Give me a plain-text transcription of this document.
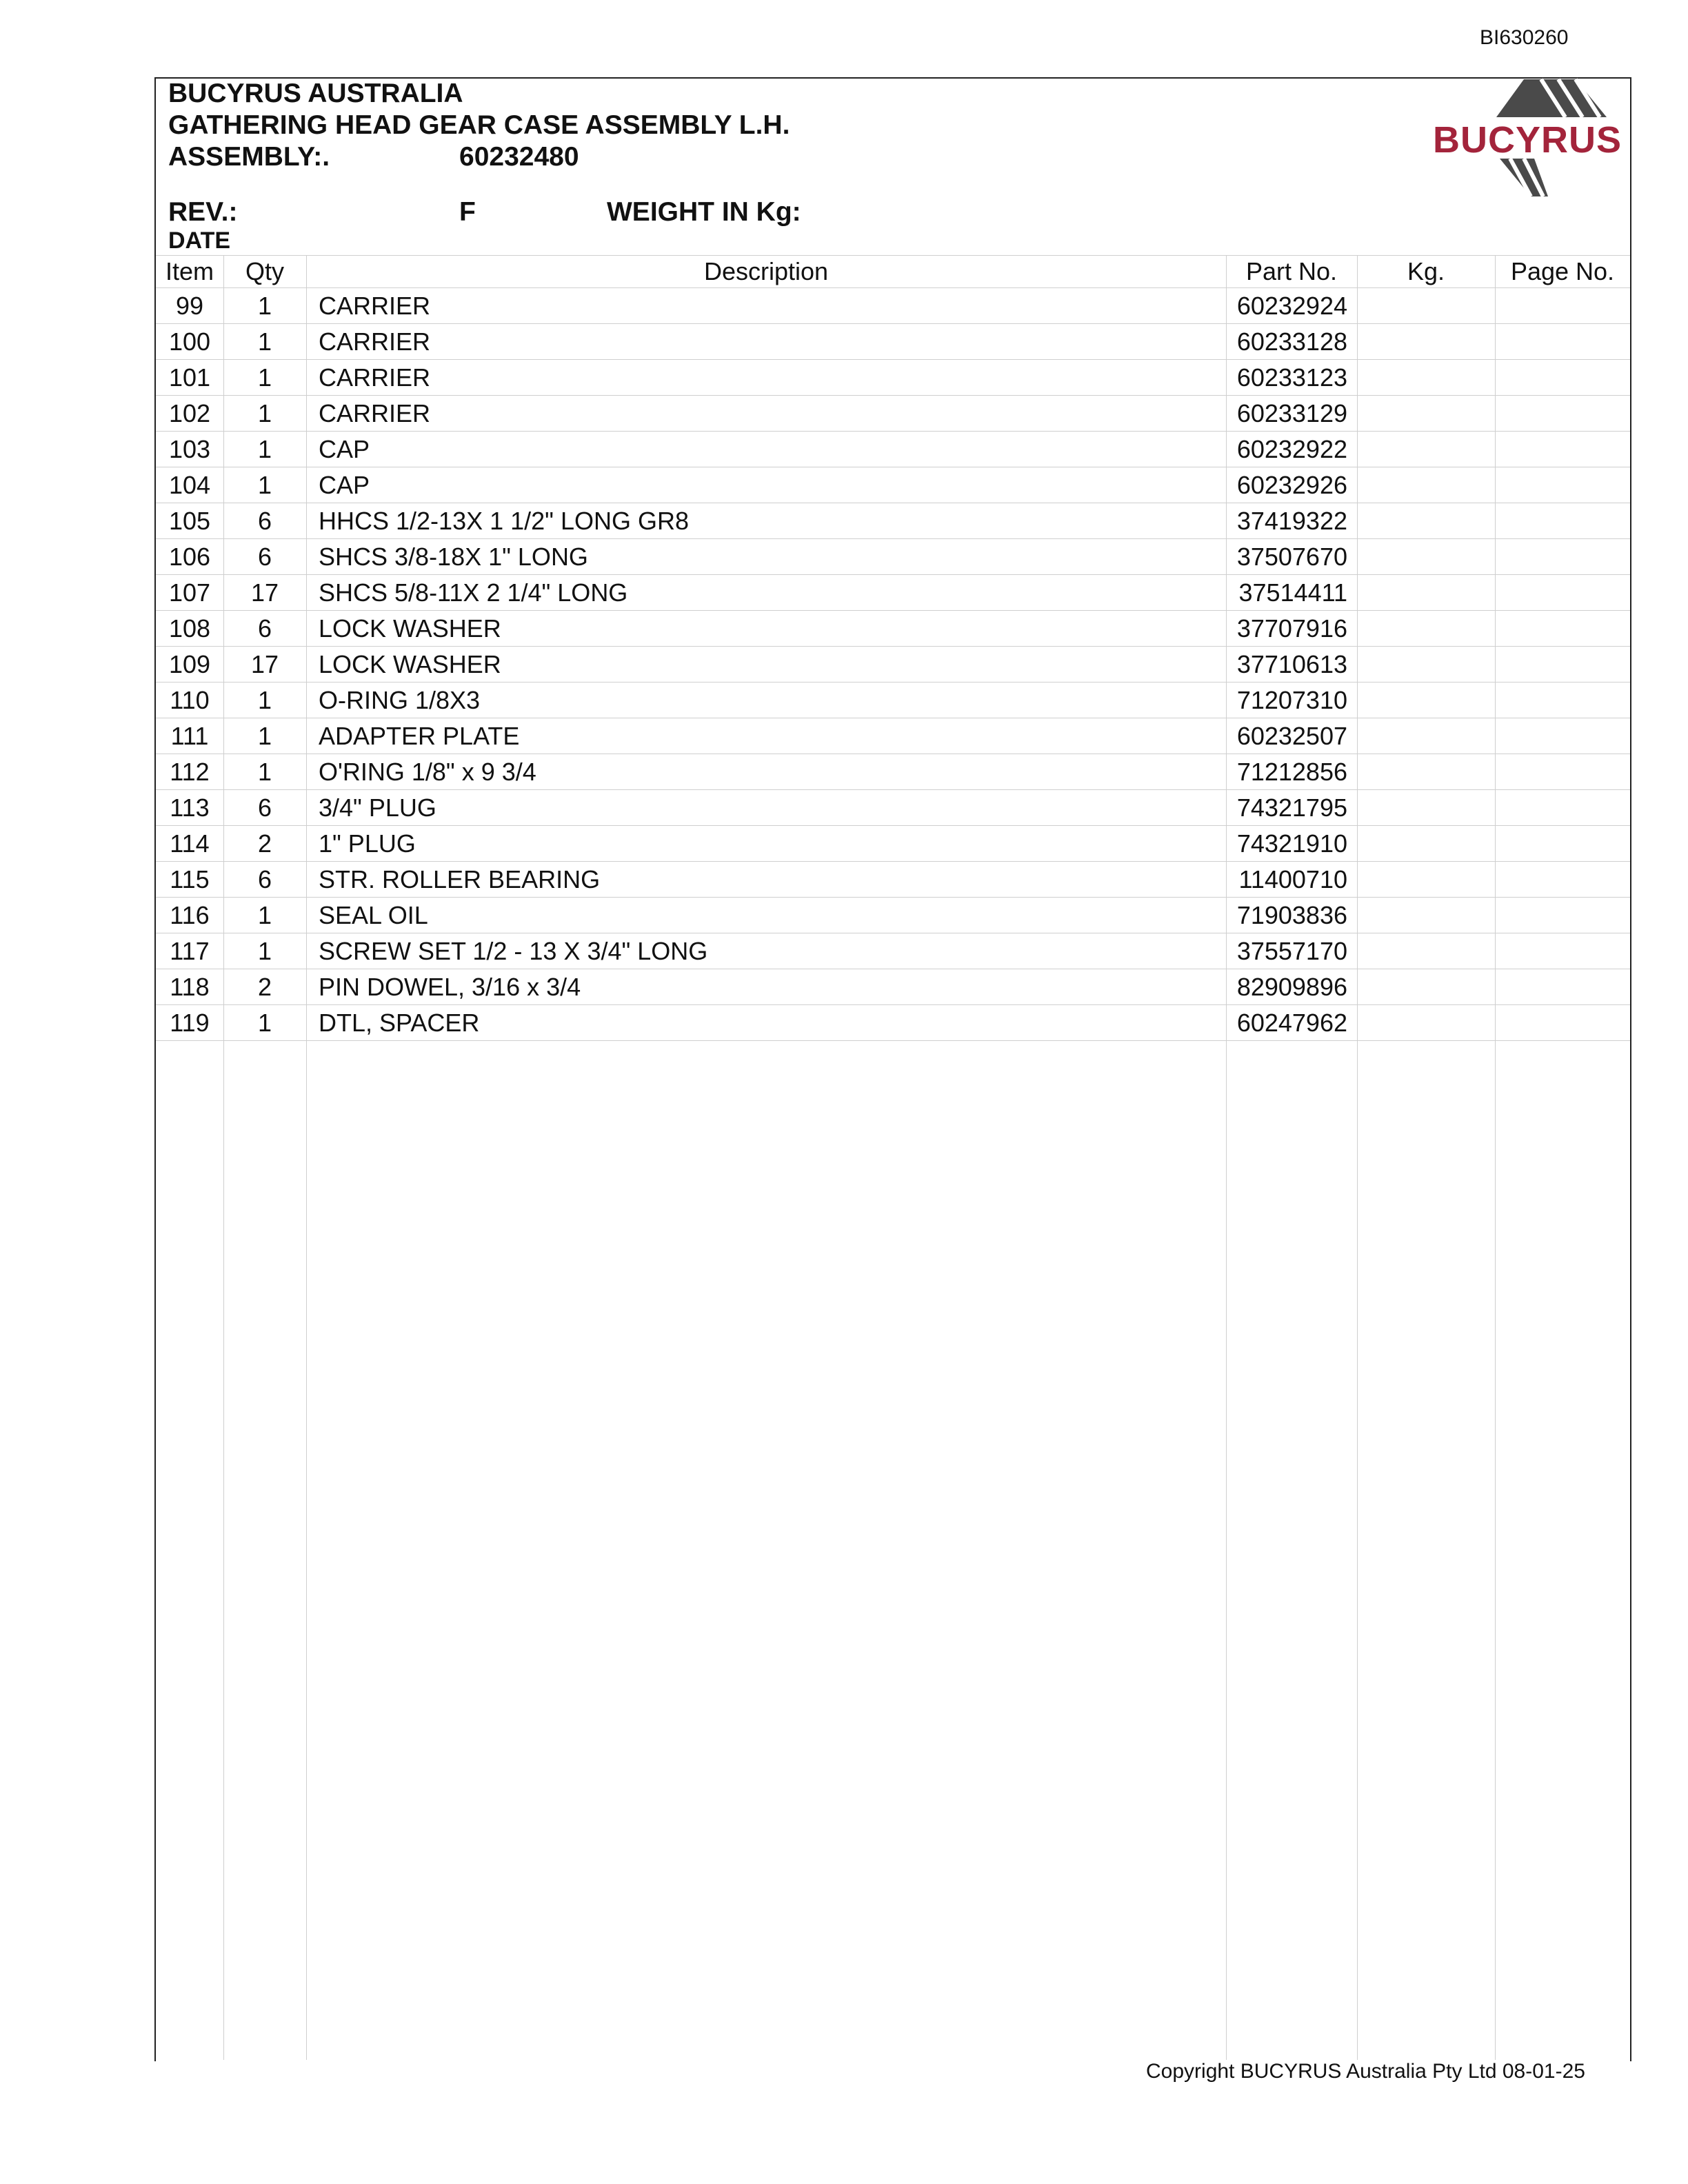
BI630260
BUCYRUS AUSTRALIA
GATHERING HEAD GEAR CASE ASSEMBLY L.H.
ASSEMBLY:.	60232480
REV.:	F	WEIGHT IN Kg:
DATE
BUCYRUS
Item	Qty	Description	Part No.	Kg.	Page No.
99	1	CARRIER	60232924
100	1	CARRIER	60233128
101	1	CARRIER	60233123
102	1	CARRIER	60233129
103	1	CAP	60232922
104	1	CAP	60232926
105	6	HHCS 1/2-13X 1 1/2" LONG GR8	37419322
106	6	SHCS 3/8-18X 1" LONG	37507670
107	17	SHCS 5/8-11X 2 1/4" LONG	37514411
108	6	LOCK WASHER	37707916
109	17	LOCK WASHER	37710613
110	1	O-RING 1/8X3	71207310
111	1	ADAPTER PLATE	60232507
112	1	O'RING 1/8" x 9 3/4	71212856
113	6	3/4" PLUG	74321795
114	2	1" PLUG	74321910
115	6	STR. ROLLER BEARING	11400710
116	1	SEAL OIL	71903836
117	1	SCREW SET 1/2 - 13 X 3/4" LONG	37557170
118	2	PIN DOWEL, 3/16 x 3/4	82909896
119	1	DTL, SPACER	60247962
Copyright BUCYRUS Australia Pty Ltd 08-01-25
